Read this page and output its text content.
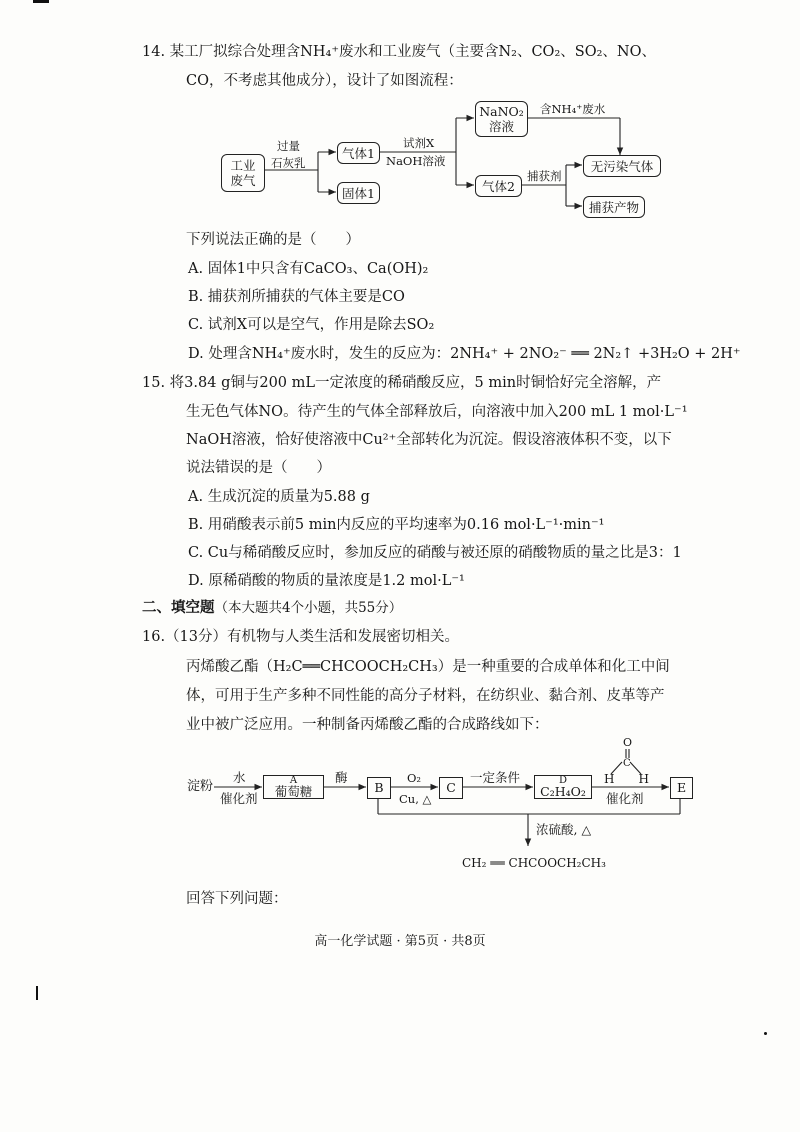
14. 某工厂拟综合处理含NH₄⁺废水和工业废气（主要含N₂、CO₂、SO₂、NO、
CO，不考虑其他成分），设计了如图流程：
工业
废气
过量
石灰乳
气体1
固体1
试剂X
NaOH溶液
NaNO₂
溶液
含NH₄⁺废水
无污染气体
气体2
捕获剂
捕获产物
下列说法正确的是（　　）
A. 固体1中只含有CaCO₃、Ca(OH)₂
B. 捕获剂所捕获的气体主要是CO
C. 试剂X可以是空气，作用是除去SO₂
D. 处理含NH₄⁺废水时，发生的反应为：2NH₄⁺ + 2NO₂⁻ ══ 2N₂↑ +3H₂O + 2H⁺
15. 将3.84 g铜与200 mL一定浓度的稀硝酸反应，5 min时铜恰好完全溶解，产
生无色气体NO。待产生的气体全部释放后，向溶液中加入200 mL 1 mol·L⁻¹
NaOH溶液，恰好使溶液中Cu²⁺全部转化为沉淀。假设溶液体积不变，以下
说法错误的是（　　）
A. 生成沉淀的质量为5.88 g
B. 用硝酸表示前5 min内反应的平均速率为0.16 mol·L⁻¹·min⁻¹
C. Cu与稀硝酸反应时，参加反应的硝酸与被还原的硝酸物质的量之比是3：1
D. 原稀硝酸的物质的量浓度是1.2 mol·L⁻¹
二、填空题（本大题共4个小题，共55分）
16.（13分）有机物与人类生活和发展密切相关。
丙烯酸乙酯（H₂C══CHCOOCH₂CH₃）是一种重要的合成单体和化工中间
体，可用于生产多种不同性能的高分子材料，在纺织业、黏合剂、皮革等产
业中被广泛应用。一种制备丙烯酸乙酯的合成路线如下：
淀粉
水
催化剂
A
葡萄糖
酶
B
O₂
Cu, △
C
一定条件	D
C₂H₄O₂
O
C
H　　H
催化剂
E
浓硫酸, △
CH₂ ══ CHCOOCH₂CH₃
回答下列问题：
高一化学试题 · 第5页 · 共8页
